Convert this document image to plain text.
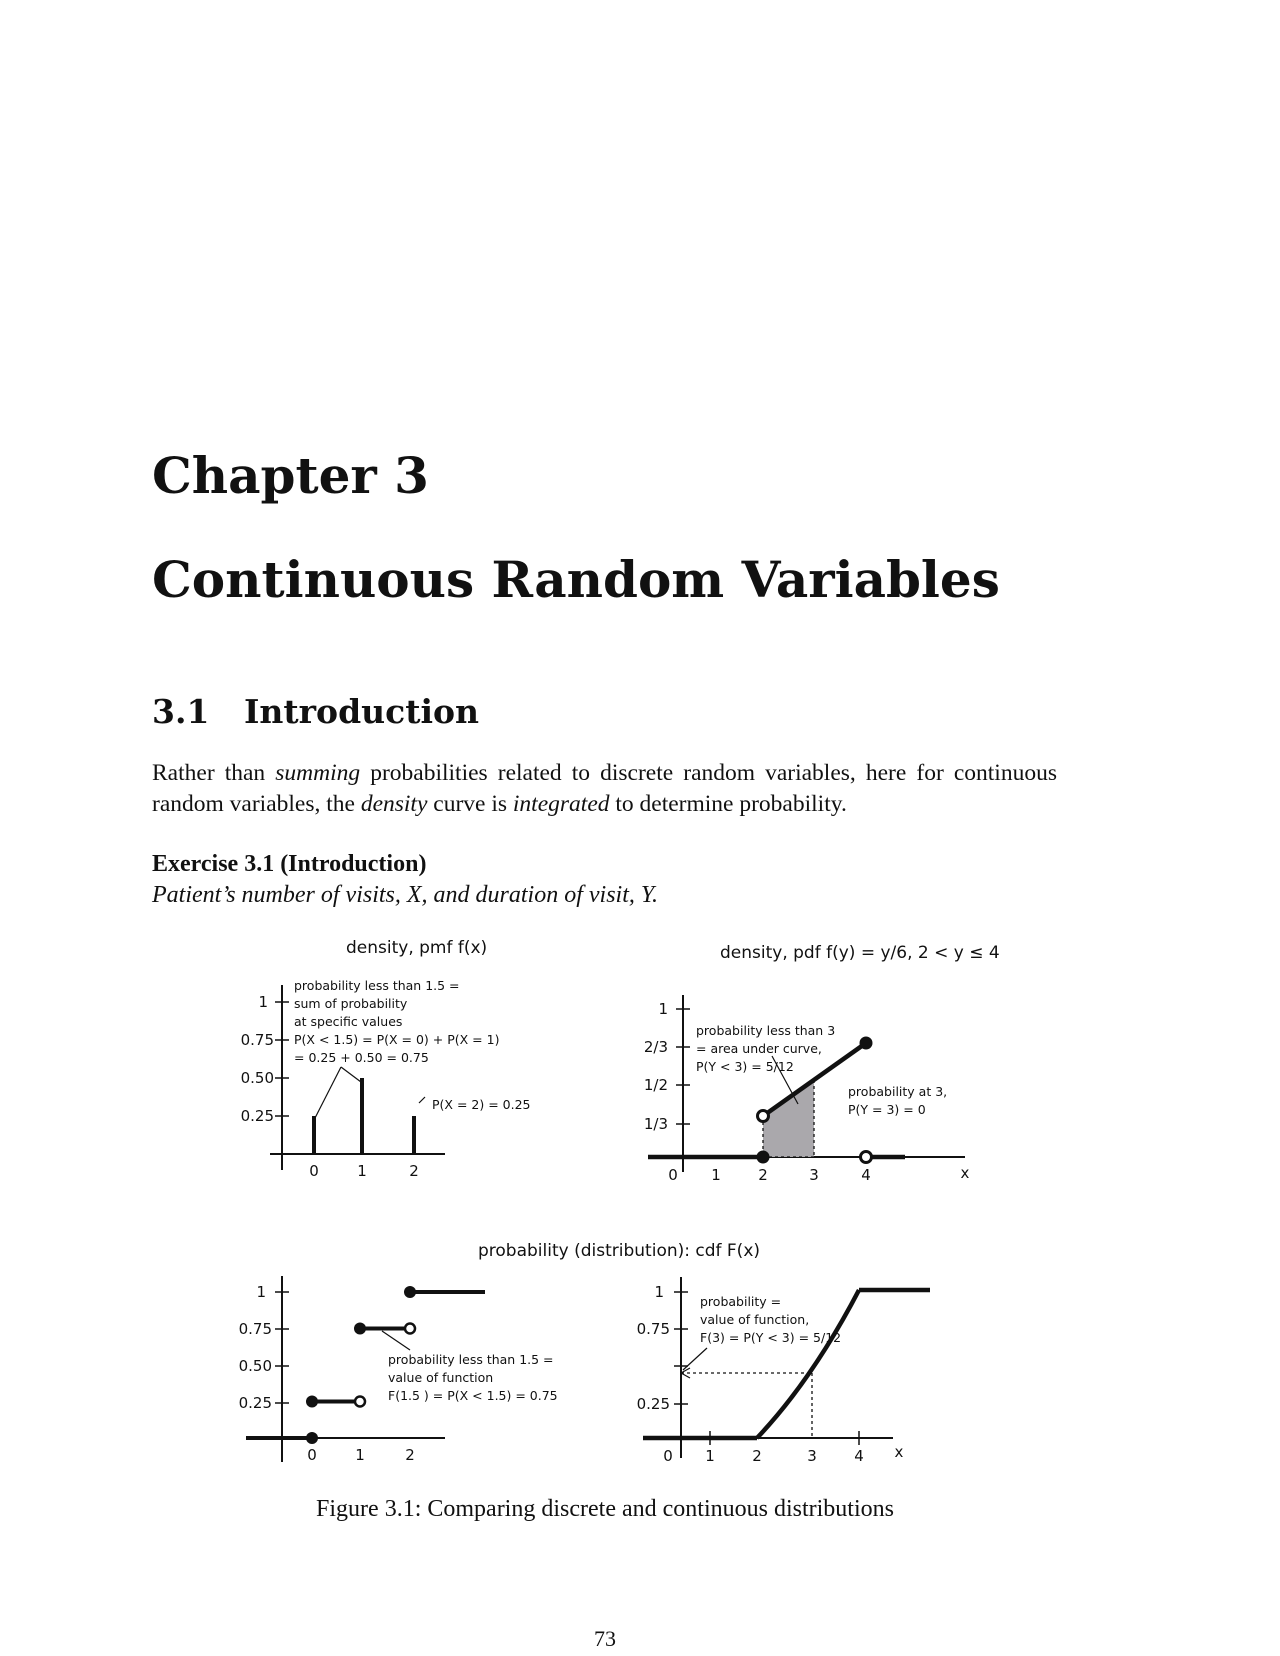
Chapter 3
Continuous Random Variables
3.1 Introduction
Rather than summing probabilities related to discrete random variables, here for continuous random variables, the density curve is integrated to determine probability.
Exercise 3.1 (Introduction)
Patient’s number of visits, X, and duration of visit, Y.
density, pmf f(x)
1
0.75
0.50
0.25
0	1	2
probability less than 1.5 = sum of probability at specific values P(X < 1.5) = P(X = 0) + P(X = 1) = 0.25 + 0.50 = 0.75
P(X = 2) = 0.25
density, pdf f(y) = y/6, 2 < y ≤ 4
1
2/3
1/2
1/3
0 1 2	3	4	x
probability less than 3 = area under curve, P(Y < 3) = 5/12
probability at 3, P(Y = 3) = 0
probability (distribution): cdf F(x)
1
0.75
0.50
0.25
0	1	2
probability less than 1.5 = value of function F(1.5 ) = P(X < 1.5) = 0.75
1
0.75
0.25
0 1 2	3 4 x
probability = value of function, F(3) = P(Y < 3) = 5/12
Figure 3.1: Comparing discrete and continuous distributions
73
